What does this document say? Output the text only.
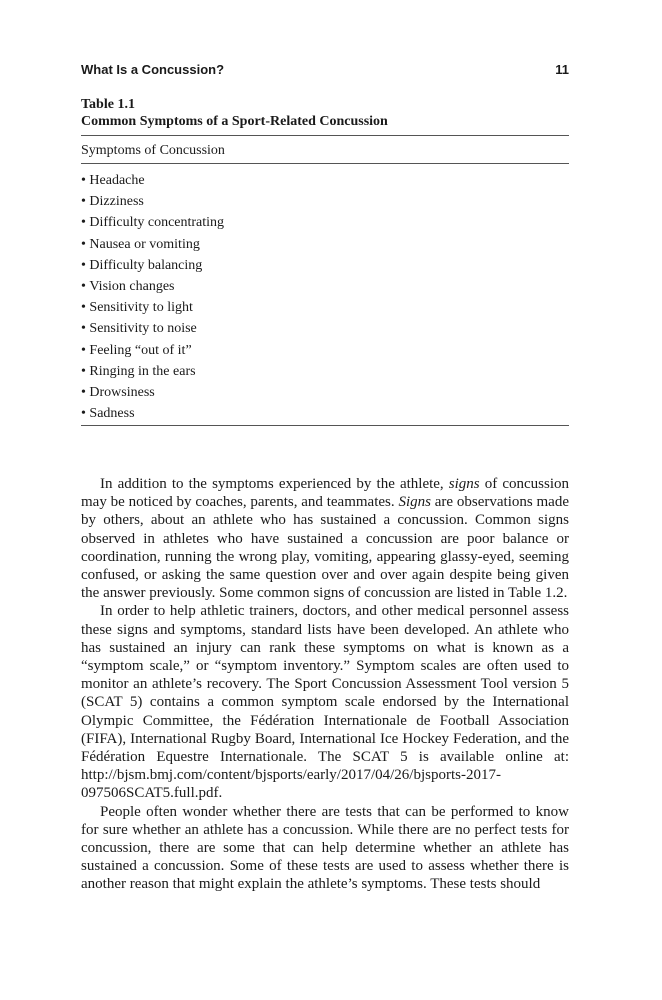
What Is a Concussion?	11
Table 1.1
Common Symptoms of a Sport-Related Concussion
Symptoms of Concussion
• Headache
• Dizziness
• Difficulty concentrating
• Nausea or vomiting
• Difficulty balancing
• Vision changes
• Sensitivity to light
• Sensitivity to noise
• Feeling “out of it”
• Ringing in the ears
• Drowsiness
• Sadness

In addition to the symptoms experienced by the athlete, signs of concussion may be noticed by coaches, parents, and teammates. Signs are observations made by others, about an athlete who has sustained a concussion. Common signs observed in athletes who have sustained a concussion are poor balance or coordination, running the wrong play, vomiting, appearing glassy-eyed, seeming confused, or asking the same question over and over again despite being given the answer previously. Some common signs of concussion are listed in Table 1.2.

In order to help athletic trainers, doctors, and other medical personnel assess these signs and symptoms, standard lists have been developed. An athlete who has sustained an injury can rank these symptoms on what is known as a “symptom scale,” or “symptom inventory.” Symptom scales are often used to monitor an athlete’s recovery. The Sport Concussion Assessment Tool version 5 (SCAT 5) contains a common symptom scale endorsed by the International Olympic Committee, the Fédération Internationale de Football Association (FIFA), International Rugby Board, International Ice Hockey Federation, and the Fédération Equestre Internationale. The SCAT 5 is available online at: http://bjsm.bmj.com/content/bjsports/early/2017/04/26/bjsports-2017-097506SCAT5.full.pdf.

People often wonder whether there are tests that can be performed to know for sure whether an athlete has a concussion. While there are no perfect tests for concussion, there are some that can help determine whether an athlete has sustained a concussion. Some of these tests are used to assess whether there is another reason that might explain the athlete’s symptoms. These tests should
